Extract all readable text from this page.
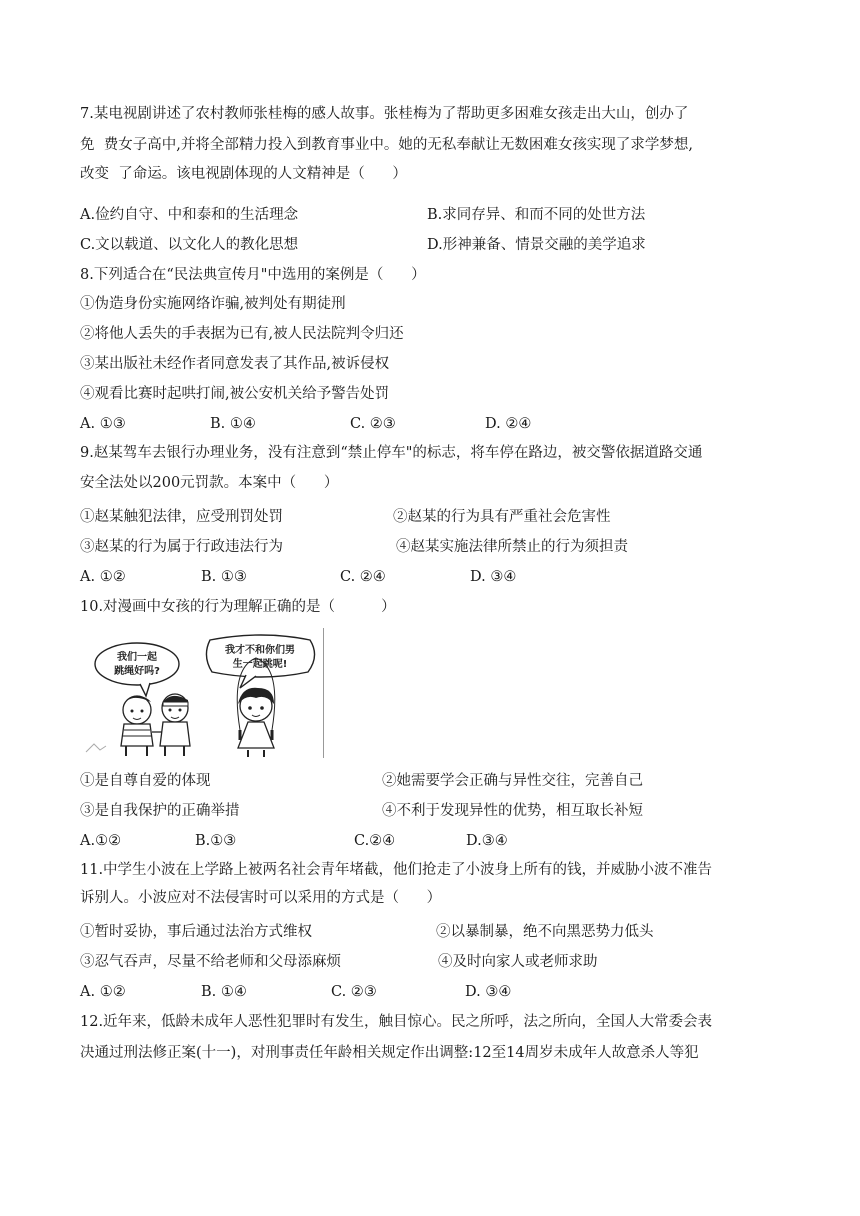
7.某电视剧讲述了农村教师张桂梅的感人故事。张桂梅为了帮助更多困难女孩走出大山，创办了
免  费女子高中,并将全部精力投入到教育事业中。她的无私奉献让无数困难女孩实现了求学梦想,
改变  了命运。该电视剧体现的人文精神是（      ）
A.俭约自守、中和泰和的生活理念	B.求同存异、和而不同的处世方法
C.文以载道、以文化人的教化思想	D.形神兼备、情景交融的美学追求
8.下列适合在“民法典宣传月"中选用的案例是（      ）
①伪造身份实施网络诈骗,被判处有期徒刑
②将他人丢失的手表据为已有,被人民法院判令归还
③某出版社未经作者同意发表了其作品,被诉侵权
④观看比赛时起哄打闹,被公安机关给予警告处罚
A. ①③	B. ①④	C. ②③	D. ②④
9.赵某驾车去银行办理业务，没有注意到“禁止停车"的标志，将车停在路边，被交警依据道路交通
安全法处以200元罚款。本案中（      ）
①赵某触犯法律，应受刑罚处罚	②赵某的行为具有严重社会危害性
③赵某的行为属于行政违法行为	④赵某实施法律所禁止的行为须担责
A. ①②	B. ①③	C. ②④	D. ③④
10.对漫画中女孩的行为理解正确的是（          ）
我们一起
跳绳好吗?
我才不和你们男
生一起跳呢!
①是自尊自爱的体现	②她需要学会正确与异性交往，完善自己
③是自我保护的正确举措	④不利于发现异性的优势，相互取长补短
A.①②	B.①③	C.②④	D.③④
11.中学生小波在上学路上被两名社会青年堵截，他们抢走了小波身上所有的钱，并威胁小波不准告
诉别人。小波应对不法侵害时可以采用的方式是（      ）
①暂时妥协，事后通过法治方式维权	②以暴制暴，绝不向黑恶势力低头
③忍气吞声，尽量不给老师和父母添麻烦	④及时向家人或老师求助
A. ①②	B. ①④	C. ②③	D. ③④
12.近年来，低龄未成年人恶性犯罪时有发生，触目惊心。民之所呼，法之所向，全国人大常委会表
决通过刑法修正案(十一)，对刑事责任年龄相关规定作出调整:12至14周岁未成年人故意杀人等犯
